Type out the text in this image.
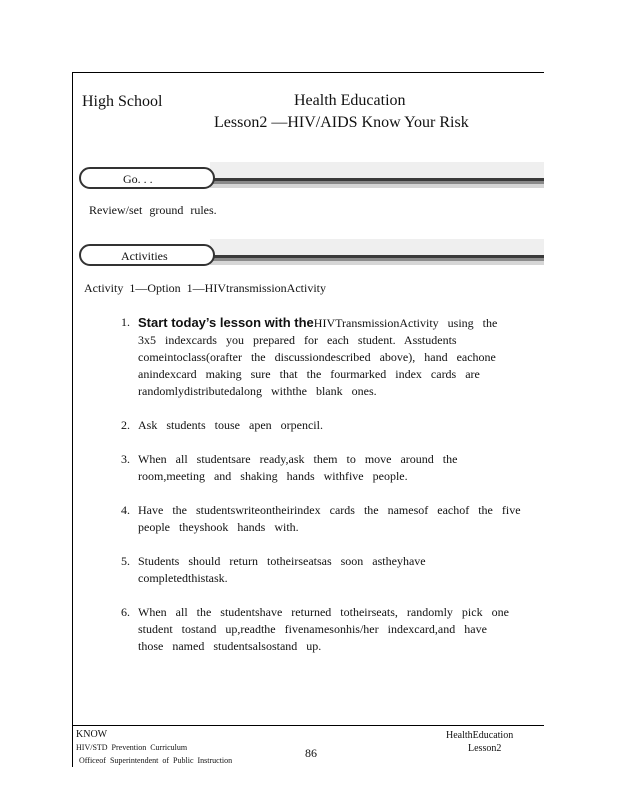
High School	Health Education
Lesson2 —HIV/AIDS Know Your Risk
Go. . .
Review/set ground rules.
Activities
Activity 1—Option 1—HIVtransmissionActivity
1. Start today’s lesson with theHIVTransmissionActivity using the 3x5 indexcards you prepared for each student. Asstudents comeintoclass(orafter the discussiondescribed above), hand eachone anindexcard making sure that the fourmarked index cards are randomlydistributedalong withthe blank ones.
2. Ask students touse apen orpencil.
3. When all studentsare ready,ask them to move around the room,meeting and shaking hands withfive people.
4. Have the studentswriteontheirindex cards the namesof eachof the five people theyshook hands with.
5. Students should return totheirseatsas soon astheyhave completedthistask.
6. When all the studentshave returned totheirseats, randomly pick one student tostand up,readthe fivenamesonhis/her indexcard,and have those named studentsalsostand up.
KNOW
HIV/STD Prevention Curriculum
Officeof Superintendent of Public Instruction
86
HealthEducation
Lesson2
